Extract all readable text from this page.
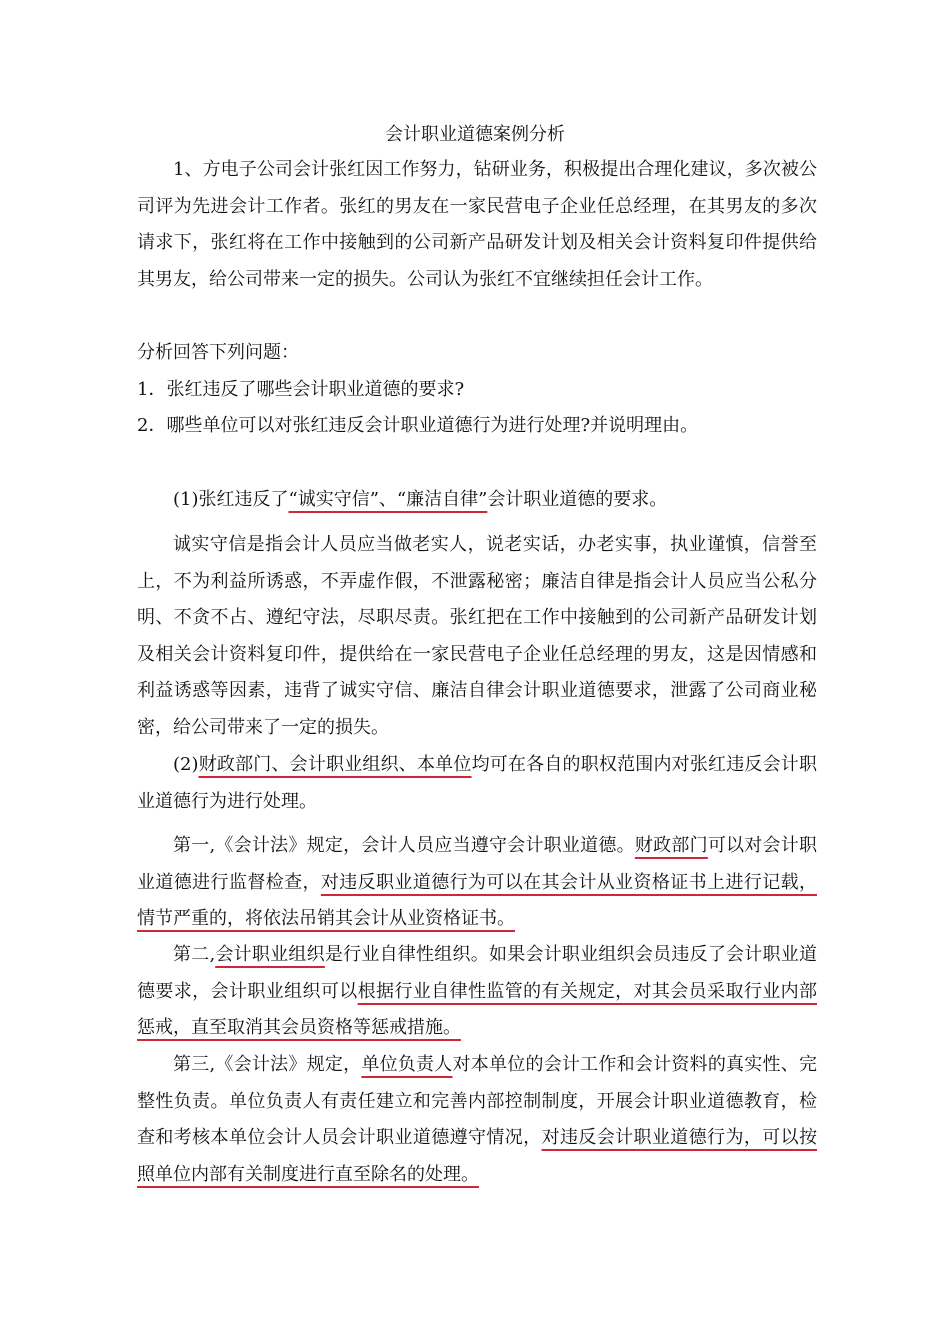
会计职业道德案例分析

1、方电子公司会计张红因工作努力，钻研业务，积极提出合理化建议，多次被公司评为先进会计工作者。张红的男友在一家民营电子企业任总经理，在其男友的多次请求下，张红将在工作中接触到的公司新产品研发计划及相关会计资料复印件提供给其男友，给公司带来一定的损失。公司认为张红不宜继续担任会计工作。

分析回答下列问题：

1．张红违反了哪些会计职业道德的要求?

2．哪些单位可以对张红违反会计职业道德行为进行处理?并说明理由。

(1)张红违反了“诚实守信”、“廉洁自律”会计职业道德的要求。

诚实守信是指会计人员应当做老实人，说老实话，办老实事，执业谨慎，信誉至上，不为利益所诱惑，不弄虚作假，不泄露秘密；廉洁自律是指会计人员应当公私分明、不贪不占、遵纪守法，尽职尽责。张红把在工作中接触到的公司新产品研发计划及相关会计资料复印件，提供给在一家民营电子企业任总经理的男友，这是因情感和利益诱惑等因素，违背了诚实守信、廉洁自律会计职业道德要求，泄露了公司商业秘密，给公司带来了一定的损失。

(2)财政部门、会计职业组织、本单位均可在各自的职权范围内对张红违反会计职业道德行为进行处理。

第一,《会计法》规定，会计人员应当遵守会计职业道德。财政部门可以对会计职业道德进行监督检查，对违反职业道德行为可以在其会计从业资格证书上进行记载，情节严重的，将依法吊销其会计从业资格证书。

第二,会计职业组织是行业自律性组织。如果会计职业组织会员违反了会计职业道德要求，会计职业组织可以根据行业自律性监管的有关规定，对其会员采取行业内部惩戒，直至取消其会员资格等惩戒措施。

第三,《会计法》规定，单位负责人对本单位的会计工作和会计资料的真实性、完整性负责。单位负责人有责任建立和完善内部控制制度，开展会计职业道德教育，检查和考核本单位会计人员会计职业道德遵守情况，对违反会计职业道德行为，可以按照单位内部有关制度进行直至除名的处理。
